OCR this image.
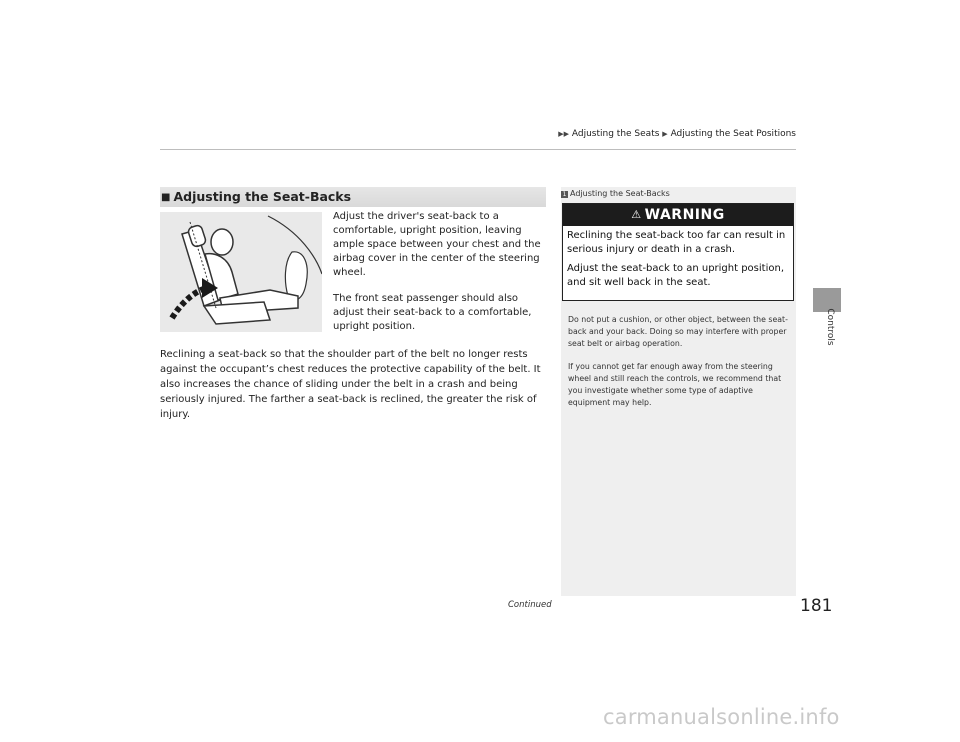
▶▶ Adjusting the Seats ▶ Adjusting the Seat Positions
■ Adjusting the Seat-Backs

Adjust the driver's seat-back to a comfortable, upright position, leaving ample space between your chest and the airbag cover in the center of the steering wheel.

The front seat passenger should also adjust their seat-back to a comfortable, upright position.

Reclining a seat-back so that the shoulder part of the belt no longer rests against the occupant’s chest reduces the protective capability of the belt. It also increases the chance of sliding under the belt in a crash and being seriously injured. The farther a seat-back is reclined, the greater the risk of injury.
1 Adjusting the Seat-Backs
⚠ WARNING

Reclining the seat-back too far can result in serious injury or death in a crash.

Adjust the seat-back to an upright position, and sit well back in the seat.

Do not put a cushion, or other object, between the seat-back and your back. Doing so may interfere with proper seat belt or airbag operation.

If you cannot get far enough away from the steering wheel and still reach the controls, we recommend that you investigate whether some type of adaptive equipment may help.

Controls
Continued	181
carmanualsonline.info
